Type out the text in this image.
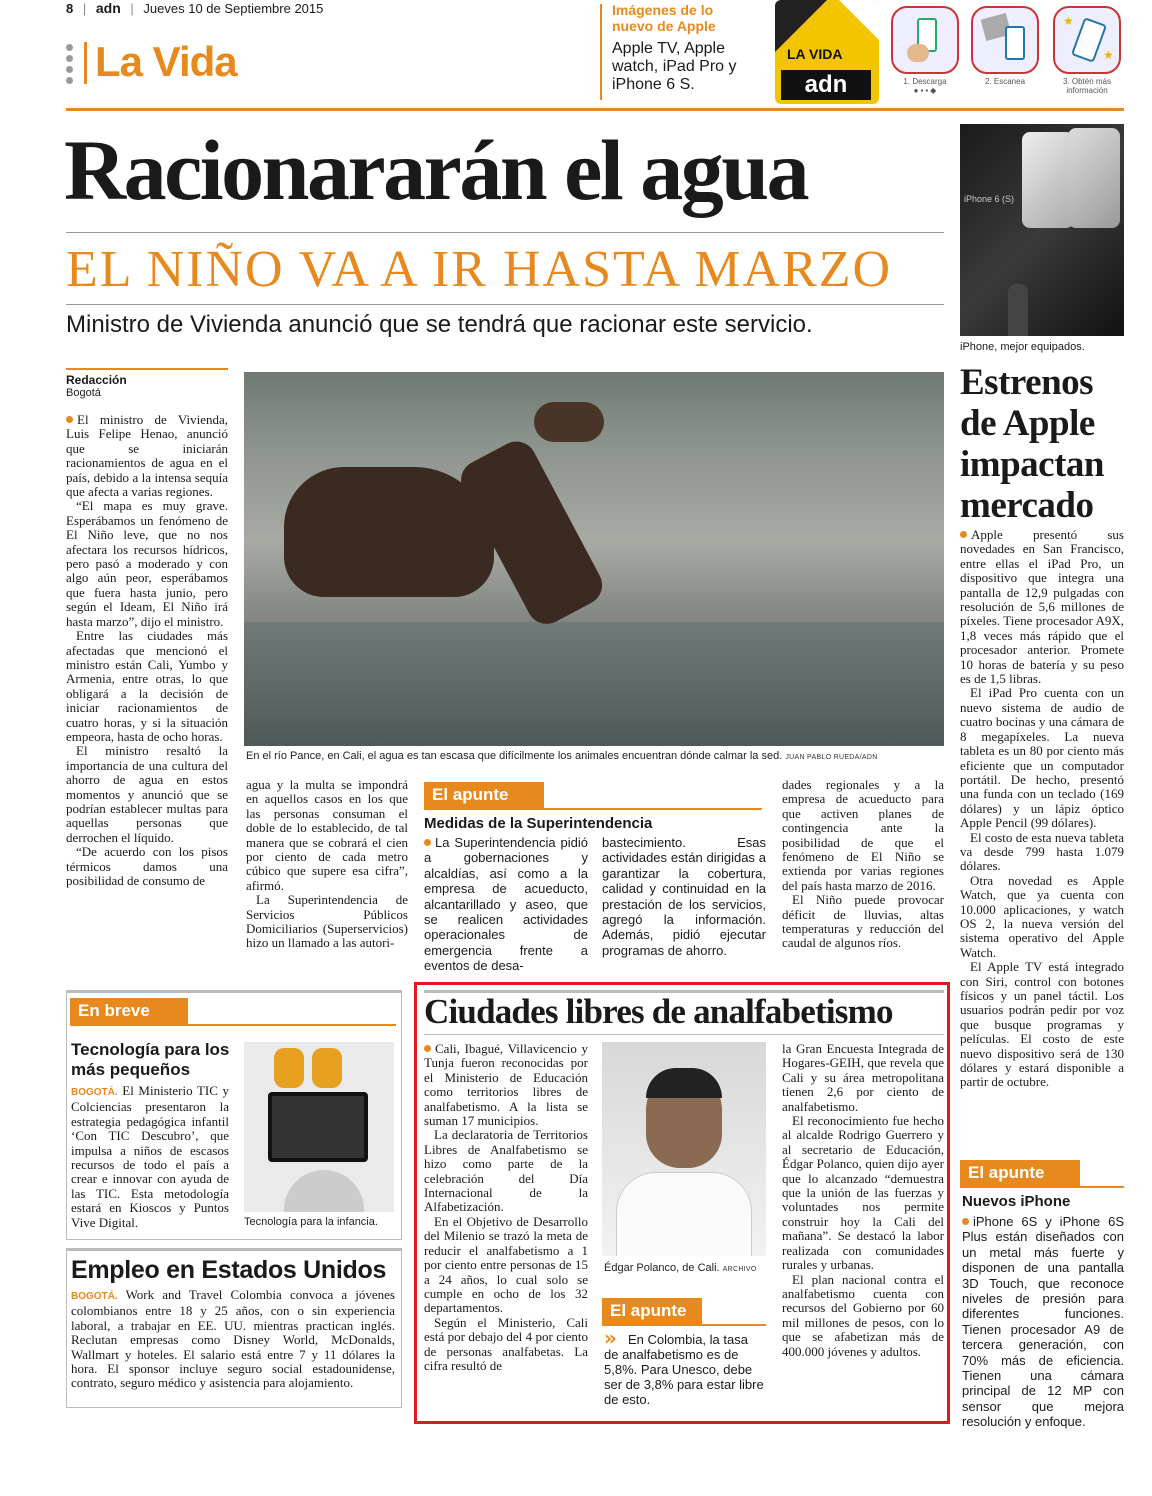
8 | adn | Jueves 10 de Septiembre 2015
La Vida
Imágenes de lo nuevo de Apple
Apple TV, Apple watch, iPad Pro y iPhone 6 S.
LA VIDA
adn	1. Descarga
● ▪ ▪ ◆
2. Escanea
★
★
3. Obtén más información
Racionararán el agua
EL NIÑO VA A IR HASTA MARZO
Ministro de Vivienda anunció que se tendrá que racionar este servicio.
Redacción
Bogotá

El ministro de Vivienda, Luis Felipe Henao, anunció que se iniciarán racionamientos de agua en el país, debido a la intensa sequía que afecta a varias regiones.

“El mapa es muy grave. Esperábamos un fenómeno de El Niño leve, que no nos afectara los recursos hídricos, pero pasó a moderado y con algo aún peor, esperábamos que fuera hasta junio, pero según el Ideam, El Niño irá hasta marzo”, dijo el ministro.

Entre las ciudades más afectadas que mencionó el ministro están Cali, Yumbo y Armenia, entre otras, lo que obligará a la decisión de iniciar racionamientos de cuatro horas, y si la situación empeora, hasta de ocho horas.

El ministro resaltó la importancia de una cultura del ahorro de agua en estos momentos y anunció que se podrían establecer multas para aquellas personas que derrochen el líquido.

“De acuerdo con los pisos térmicos damos una posibilidad de consumo de

En el río Pance, en Cali, el agua es tan escasa que difícilmente los animales encuentran dónde calmar la sed. JUAN PABLO RUEDA/ADN

agua y la multa se impondrá en aquellos casos en los que las personas consuman el doble de lo establecido, de tal manera que se cobrará el cien por ciento de cada metro cúbico que supere esa cifra”, afirmó.

La Superintendencia de Servicios Públicos Domiciliarios (Superservicios) hizo un llamado a las autori-

El apunte
Medidas de la Superintendencia
La Superintendencia pidió a gobernaciones y alcaldías, así como a la empresa de acueducto, alcantarillado y aseo, que se realicen actividades operacionales de emergencia frente a eventos de desa-
bastecimiento. Esas actividades están dirigidas a garantizar la cobertura, calidad y continuidad en la prestación de los servicios, agregó la información. Además, pidió ejecutar programas de ahorro.

dades regionales y a la empresa de acueducto para que activen planes de contingencia ante la posibilidad de que el fenómeno de El Niño se extienda por varias regiones del país hasta marzo de 2016.

El Niño puede provocar déficit de lluvias, altas temperaturas y reducción del caudal de algunos ríos.

iPhone 6 (S)
iPhone, mejor equipados.
Estrenos de Apple impactan mercado

Apple presentó sus novedades en San Francisco, entre ellas el iPad Pro, un dispositivo que integra una pantalla de 12,9 pulgadas con resolución de 5,6 millones de píxeles. Tiene procesador A9X, 1,8 veces más rápido que el procesador anterior. Promete 10 horas de batería y su peso es de 1,5 libras.

El iPad Pro cuenta con un nuevo sistema de audio de cuatro bocinas y una cámara de 8 megapíxeles. La nueva tableta es un 80 por ciento más eficiente que un computador portátil. De hecho, presentó una funda con un teclado (169 dólares) y un lápiz óptico Apple Pencil (99 dólares).

El costo de esta nueva tableta va desde 799 hasta 1.079 dólares.

Otra novedad es Apple Watch, que ya cuenta con 10.000 aplicaciones, y watch OS 2, la nueva versión del sistema operativo del Apple Watch.

El Apple TV está integrado con Siri, control con botones físicos y un panel táctil. Los usuarios podrán pedir por voz que busque programas y películas. El costo de este nuevo dispositivo será de 130 dólares y estará disponible a partir de octubre.

El apunte
Nuevos iPhone
iPhone 6S y iPhone 6S Plus están diseñados con un metal más fuerte y disponen de una pantalla 3D Touch, que reconoce niveles de presión para diferentes funciones. Tienen procesador A9 de tercera generación, con 70% más de eficiencia. Tienen una cámara principal de 12 MP con sensor que mejora resolución y enfoque.
En breve
Tecnología para los más pequeños
BOGOTÁ. El Ministerio TIC y Colciencias presentaron la estrategia pedagógica infantil ‘Con TIC Descubro’, que impulsa a niños de escasos recursos de todo el país a crear e innovar con ayuda de las TIC. Esta metodología estará en Kioscos y Puntos Vive Digital.	Tecnología para la infancia.
Empleo en Estados Unidos
BOGOTÁ. Work and Travel Colombia convoca a jóvenes colombianos entre 18 y 25 años, con o sin experiencia laboral, a trabajar en EE. UU. mientras practican inglés. Reclutan empresas como Disney World, McDonalds, Wallmart y hoteles. El salario está entre 7 y 11 dólares la hora. El sponsor incluye seguro social estadounidense, contrato, seguro médico y asistencia para alojamiento.
Ciudades libres de analfabetismo

Cali, Ibagué, Villavicencio y Tunja fueron reconocidas por el Ministerio de Educación como territorios libres de analfabetismo. A la lista se suman 17 municipios.

La declaratoria de Territorios Libres de Analfabetismo se hizo como parte de la celebración del Día Internacional de la Alfabetización.

En el Objetivo de Desarrollo del Milenio se trazó la meta de reducir el analfabetismo a 1 por ciento entre personas de 15 a 24 años, lo cual solo se cumple en ocho de los 32 departamentos.

Según el Ministerio, Cali está por debajo del 4 por ciento de personas analfabetas. La cifra resultó de

Édgar Polanco, de Cali. ARCHIVO
El apunte
» En Colombia, la tasa de analfabetismo es de 5,8%. Para Unesco, debe ser de 3,8% para estar libre de esto.

la Gran Encuesta Integrada de Hogares-GEIH, que revela que Cali y su área metropolitana tienen 2,6 por ciento de analfabetismo.

El reconocimiento fue hecho al alcalde Rodrigo Guerrero y al secretario de Educación, Édgar Polanco, quien dijo ayer que lo alcanzado “demuestra que la unión de las fuerzas y voluntades nos permite construir hoy la Cali del mañana”. Se destacó la labor realizada con comunidades rurales y urbanas.

El plan nacional contra el analfabetismo cuenta con recursos del Gobierno por 60 mil millones de pesos, con lo que se afabetizan más de 400.000 jóvenes y adultos.
